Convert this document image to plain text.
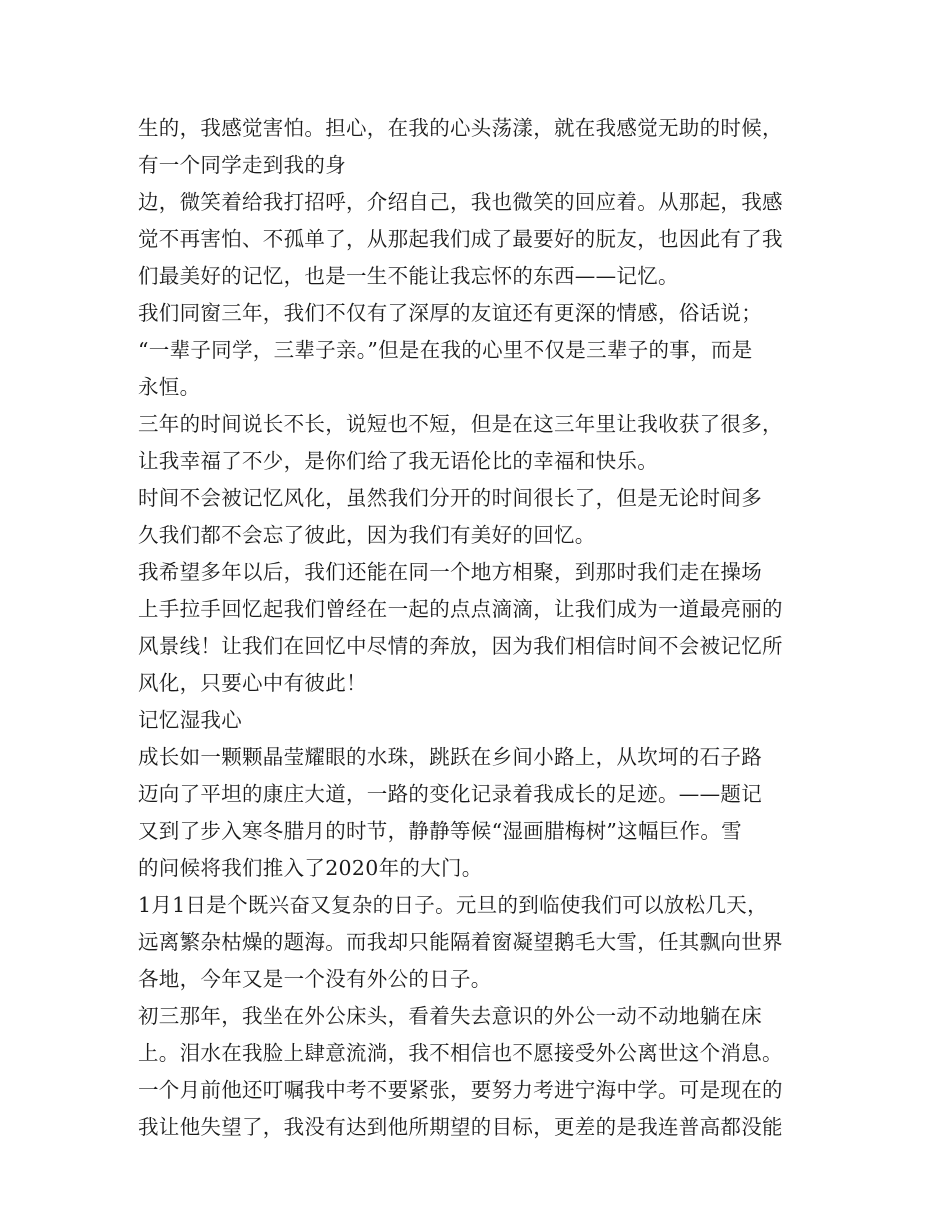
生的，我感觉害怕。担心，在我的心头荡漾，就在我感觉无助的时候，
有一个同学走到我的身
边，微笑着给我打招呼，介绍自己，我也微笑的回应着。从那起，我感
觉不再害怕、不孤单了，从那起我们成了最要好的朊友，也因此有了我
们最美好的记忆，也是一生不能让我忘怀的东西——记忆。
我们同窗三年，我们不仅有了深厚的友谊还有更深的情感，俗话说；
“一辈子同学，三辈子亲。”但是在我的心里不仅是三辈子的事，而是
永恒。
三年的时间说长不长，说短也不短，但是在这三年里让我收获了很多，
让我幸福了不少，是你们给了我无语伦比的幸福和快乐。
时间不会被记忆风化，虽然我们分开的时间很长了，但是无论时间多
久我们都不会忘了彼此，因为我们有美好的回忆。
我希望多年以后，我们还能在同一个地方相聚，到那时我们走在操场
上手拉手回忆起我们曾经在一起的点点滴滴，让我们成为一道最亮丽的
风景线！让我们在回忆中尽情的奔放，因为我们相信时间不会被记忆所
风化，只要心中有彼此！
记忆湿我心
成长如一颗颗晶莹耀眼的水珠，跳跃在乡间小路上，从坎坷的石子路
迈向了平坦的康庄大道，一路的变化记录着我成长的足迹。——题记
又到了步入寒冬腊月的时节，静静等候“湿画腊梅树”这幅巨作。雪
的问候将我们推入了2020年的大门。
1月1日是个既兴奋又复杂的日子。元旦的到临使我们可以放松几天，
远离繁杂枯燥的题海。而我却只能隔着窗凝望鹅毛大雪，任其飘向世界
各地，今年又是一个没有外公的日子。
初三那年，我坐在外公床头，看着失去意识的外公一动不动地躺在床
上。泪水在我脸上肆意流淌，我不相信也不愿接受外公离世这个消息。
一个月前他还叮嘱我中考不要紧张，要努力考进宁海中学。可是现在的
我让他失望了，我没有达到他所期望的目标，更差的是我连普高都没能
